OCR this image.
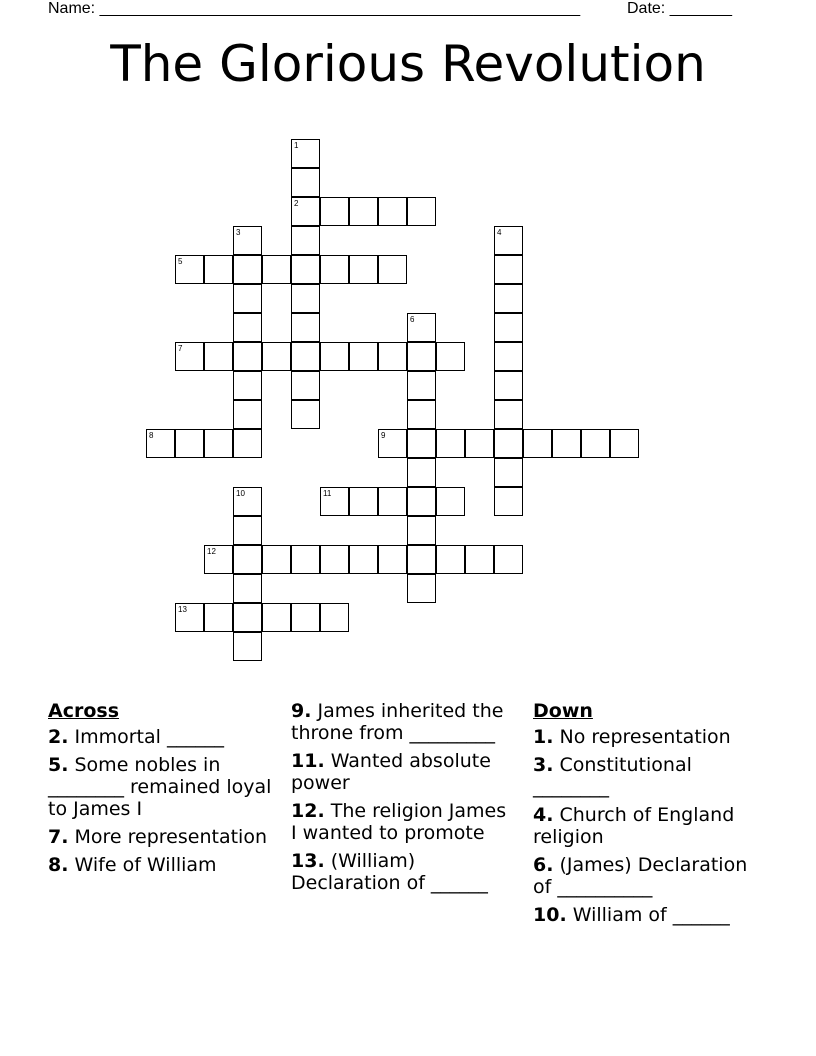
Name: ______________________________________________________	Date: _______
The Glorious Revolution
1
2
3	4
5
6
7
8	9
10	11
12
13
Across
2. Immortal ______
5. Some nobles in ________ remained loyal to James I
7. More representation
8. Wife of William
9. James inherited the throne from _________
11. Wanted absolute power
12. The religion James I wanted to promote
13. (William) Declaration of ______
Down
1. No representation
3. Constitutional ________
4. Church of England religion
6. (James) Declaration of __________
10. William of ______
